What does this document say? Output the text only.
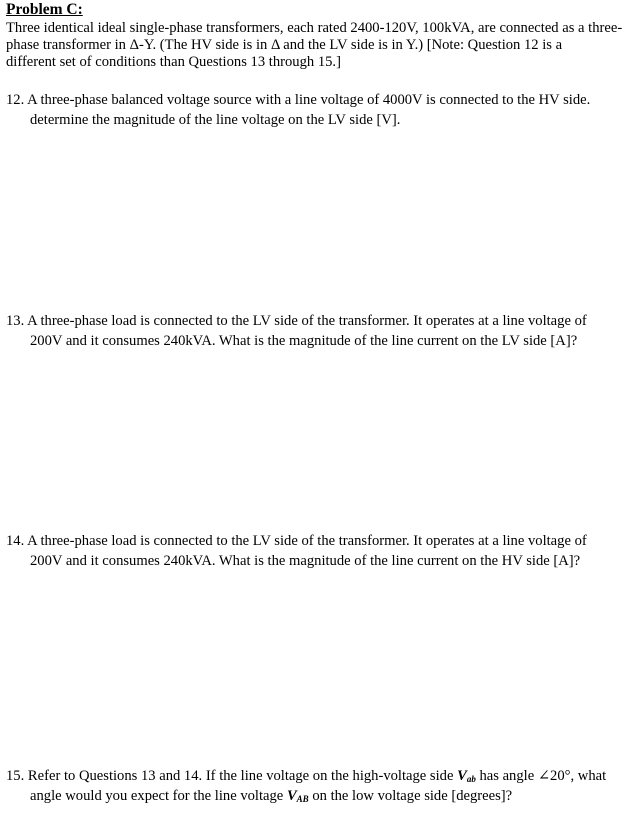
Problem C:
Three identical ideal single-phase transformers, each rated 2400-120V, 100kVA, are connected as a three-
phase transformer in Δ-Y. (The HV side is in Δ and the LV side is in Y.) [Note: Question 12 is a
different set of conditions than Questions 13 through 15.]
12. A three-phase balanced voltage source with a line voltage of 4000V is connected to the HV side.
determine the magnitude of the line voltage on the LV side [V].
13. A three-phase load is connected to the LV side of the transformer. It operates at a line voltage of
200V and it consumes 240kVA. What is the magnitude of the line current on the LV side [A]?
14. A three-phase load is connected to the LV side of the transformer. It operates at a line voltage of
200V and it consumes 240kVA. What is the magnitude of the line current on the HV side [A]?
15. Refer to Questions 13 and 14. If the line voltage on the high-voltage side $V_{ab}$ has angle ∠20°, what
angle would you expect for the line voltage $V_{AB}$ on the low voltage side [degrees]?
